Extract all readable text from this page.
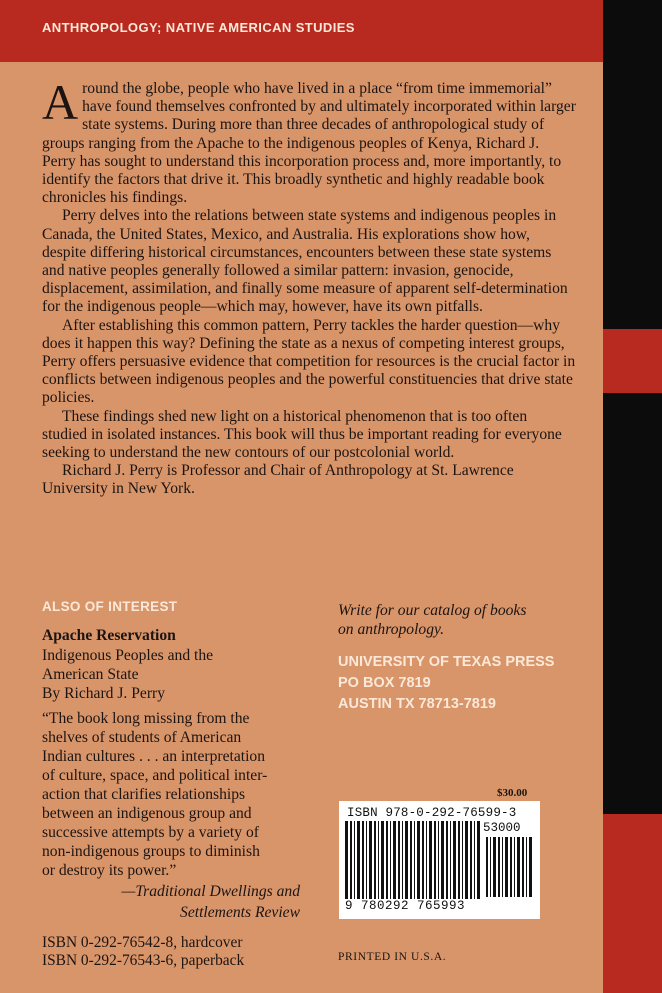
ANTHROPOLOGY; NATIVE AMERICAN STUDIES

Around the globe, people who have lived in a place “from time immemorial” have found themselves confronted by and ultimately incorporated within larger state systems. During more than three decades of anthropological study of groups ranging from the Apache to the indigenous peoples of Kenya, Richard J. Perry has sought to understand this incorporation process and, more importantly, to identify the factors that drive it. This broadly synthetic and highly readable book chronicles his findings.

Perry delves into the relations between state systems and indigenous peoples in Canada, the United States, Mexico, and Australia. His explorations show how, despite differing historical circumstances, encounters between these state systems and native peoples generally followed a similar pattern: invasion, genocide, displacement, assimilation, and finally some measure of apparent self-determination for the indigenous people—which may, however, have its own pitfalls.

After establishing this common pattern, Perry tackles the harder question—why does it happen this way? Defining the state as a nexus of competing interest groups, Perry offers persuasive evidence that competition for resources is the crucial factor in conflicts between indigenous peoples and the powerful constituencies that drive state policies.

These findings shed new light on a historical phenomenon that is too often studied in isolated instances. This book will thus be important reading for everyone seeking to understand the new contours of our postcolonial world.

Richard J. Perry is Professor and Chair of Anthropology at St. Lawrence University in New York.

ALSO OF INTEREST
Apache Reservation
Indigenous Peoples and the
American State
By Richard J. Perry
“The book long missing from the
shelves of students of American
Indian cultures . . . an interpretation
of culture, space, and political inter-
action that clarifies relationships
between an indigenous group and
successive attempts by a variety of
non-indigenous groups to diminish
or destroy its power.”
—Traditional Dwellings and
Settlements Review
ISBN 0-292-76542-8, hardcover
ISBN 0-292-76543-6, paperback
Write for our catalog of books
on anthropology.
UNIVERSITY OF TEXAS PRESS
PO BOX 7819
AUSTIN TX 78713-7819
$30.00
ISBN 978-0-292-76599-3
53000
9 780292 765993
PRINTED IN U.S.A.
